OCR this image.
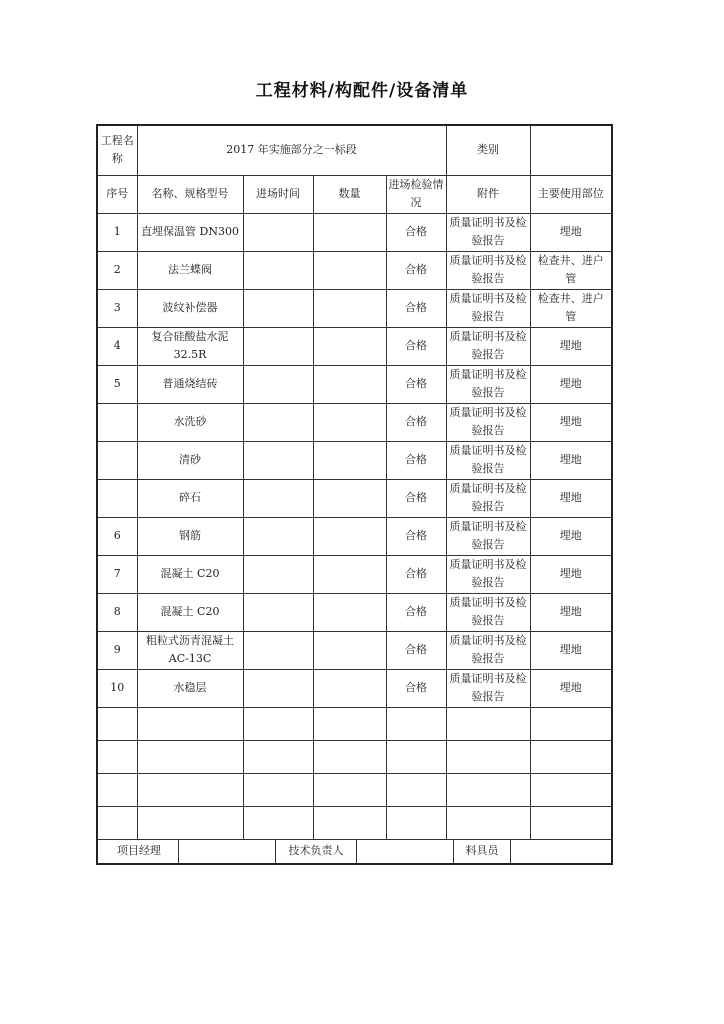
工程材料/构配件/设备清单
工程名称	2017 年实施部分之一标段				类别	
序号	名称、规格型号	进场时间	数量	进场检验情况	附件	主要使用部位
1	直埋保温管 DN300			合格	质量证明书及检验报告	埋地
2	法兰蝶阀			合格	质量证明书及检验报告	检查井、进户管
3	波纹补偿器			合格	质量证明书及检验报告	检查井、进户管
4	复合硅酸盐水泥 32.5R			合格	质量证明书及检验报告	埋地
5	普通烧结砖			合格	质量证明书及检验报告	埋地
	水洗砂			合格	质量证明书及检验报告	埋地
	清砂			合格	质量证明书及检验报告	埋地
	碎石			合格	质量证明书及检验报告	埋地
6	钢筋			合格	质量证明书及检验报告	埋地
7	混凝土 C20			合格	质量证明书及检验报告	埋地
8	混凝土 C20			合格	质量证明书及检验报告	埋地
9	粗粒式沥青混凝土 AC-13C			合格	质量证明书及检验报告	埋地
10	水稳层			合格	质量证明书及检验报告	埋地

项目经理 技术负责人 料具员						
